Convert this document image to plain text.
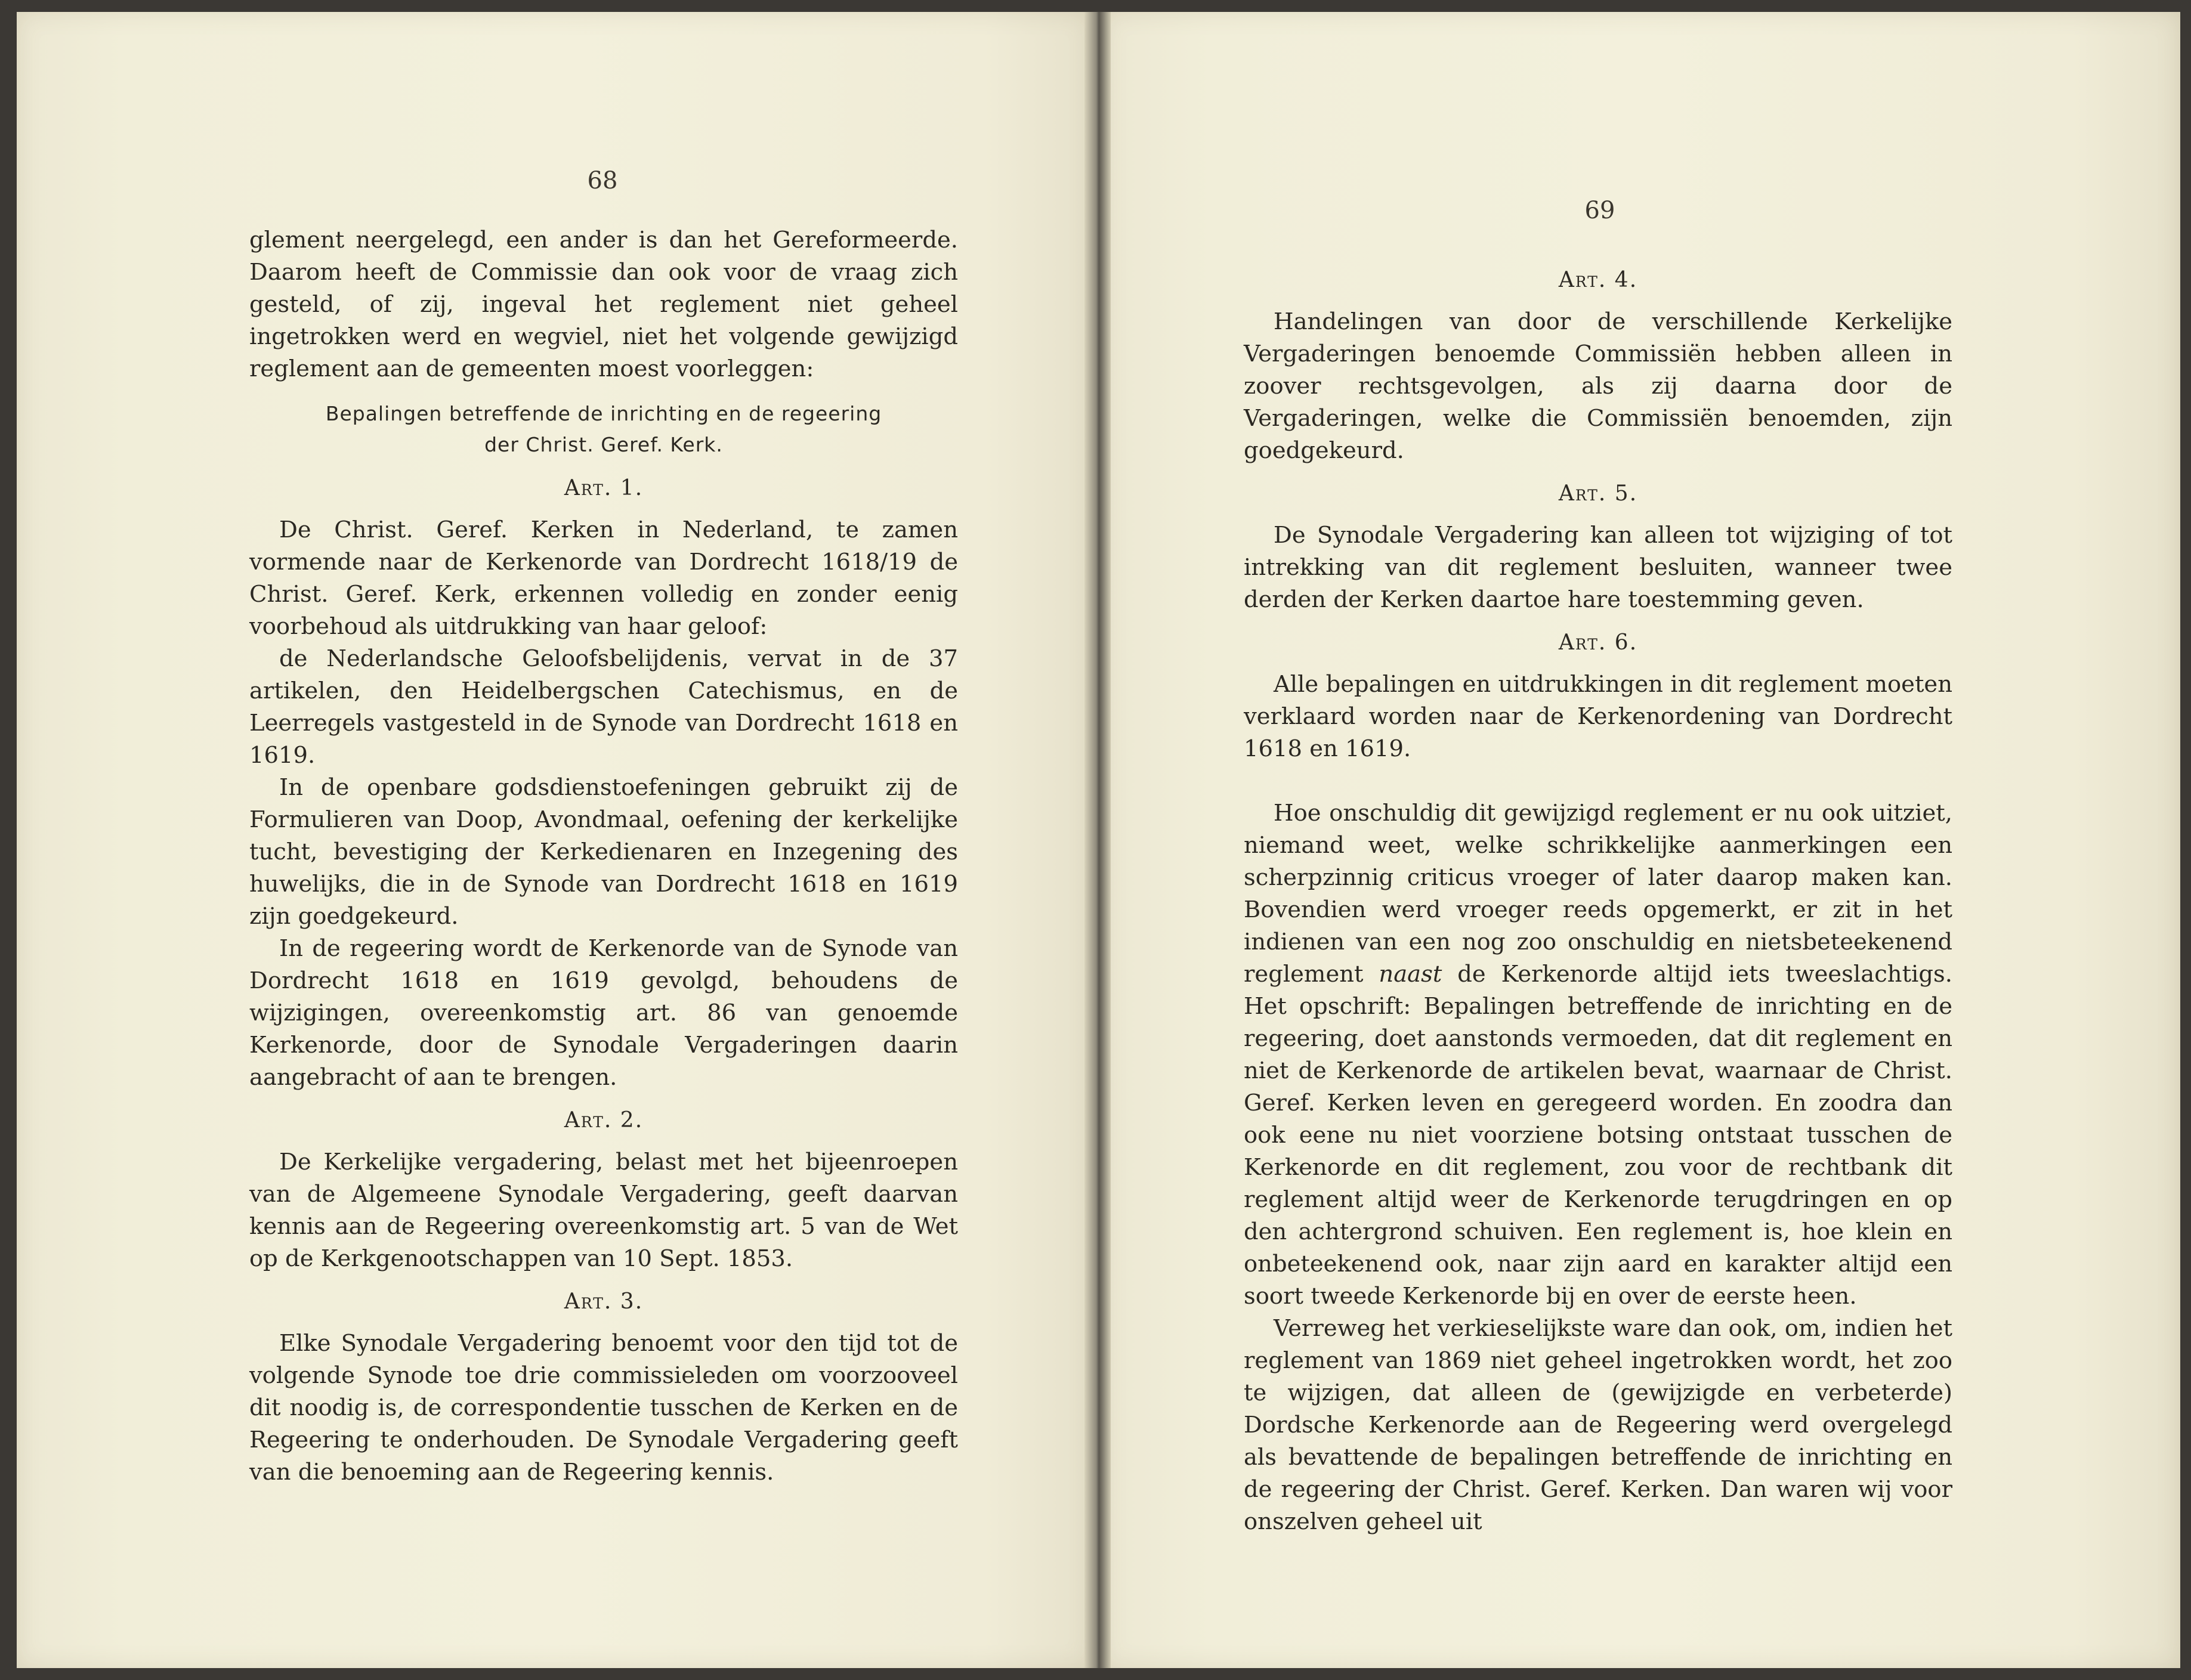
68

glement neergelegd, een ander is dan het Gereformeerde. Daarom heeft de Commissie dan ook voor de vraag zich gesteld, of zij, ingeval het reglement niet geheel ingetrokken werd en wegviel, niet het volgende gewijzigd reglement aan de gemeenten moest voorleggen:

Bepalingen betreffende de inrichting en de regeering
der Christ. Geref. Kerk.

Art. 1.

De Christ. Geref. Kerken in Nederland, te zamen vormende naar de Kerkenorde van Dordrecht 1618/19 de Christ. Geref. Kerk, erkennen volledig en zonder eenig voorbehoud als uitdrukking van haar geloof:

de Nederlandsche Geloofsbelijdenis, vervat in de 37 artikelen, den Heidelbergschen Catechismus, en de Leerregels vastgesteld in de Synode van Dordrecht 1618 en 1619.

In de openbare godsdienstoefeningen gebruikt zij de Formulieren van Doop, Avondmaal, oefening der kerkelijke tucht, bevestiging der Kerkedienaren en Inzegening des huwelijks, die in de Synode van Dordrecht 1618 en 1619 zijn goedgekeurd.

In de regeering wordt de Kerkenorde van de Synode van Dordrecht 1618 en 1619 gevolgd, behoudens de wijzigingen, overeenkomstig art. 86 van genoemde Kerkenorde, door de Synodale Vergaderingen daarin aangebracht of aan te brengen.

Art. 2.

De Kerkelijke vergadering, belast met het bijeenroepen van de Algemeene Synodale Vergadering, geeft daarvan kennis aan de Regeering overeenkomstig art. 5 van de Wet op de Kerkgenootschappen van 10 Sept. 1853.

Art. 3.

Elke Synodale Vergadering benoemt voor den tijd tot de volgende Synode toe drie commissieleden om voorzooveel dit noodig is, de correspondentie tusschen de Kerken en de Regeering te onderhouden. De Synodale Vergadering geeft van die benoeming aan de Regeering kennis.

69

Art. 4.

Handelingen van door de verschillende Kerkelijke Vergaderingen benoemde Commissiën hebben alleen in zoover rechtsgevolgen, als zij daarna door de Vergaderingen, welke die Commissiën benoemden, zijn goedgekeurd.

Art. 5.

De Synodale Vergadering kan alleen tot wijziging of tot intrekking van dit reglement besluiten, wanneer twee derden der Kerken daartoe hare toestemming geven.

Art. 6.

Alle bepalingen en uitdrukkingen in dit reglement moeten verklaard worden naar de Kerkenordening van Dordrecht 1618 en 1619.

Hoe onschuldig dit gewijzigd reglement er nu ook uitziet, niemand weet, welke schrikkelijke aanmerkingen een scherpzinnig criticus vroeger of later daarop maken kan. Bovendien werd vroeger reeds opgemerkt, er zit in het indienen van een nog zoo onschuldig en nietsbeteekenend reglement naast de Kerkenorde altijd iets tweeslachtigs. Het opschrift: Bepalingen betreffende de inrichting en de regeering, doet aanstonds vermoeden, dat dit reglement en niet de Kerkenorde de artikelen bevat, waarnaar de Christ. Geref. Kerken leven en geregeerd worden. En zoodra dan ook eene nu niet voorziene botsing ontstaat tusschen de Kerkenorde en dit reglement, zou voor de rechtbank dit reglement altijd weer de Kerkenorde terugdringen en op den achtergrond schuiven. Een reglement is, hoe klein en onbeteekenend ook, naar zijn aard en karakter altijd een soort tweede Kerkenorde bij en over de eerste heen.

Verreweg het verkieselijkste ware dan ook, om, indien het reglement van 1869 niet geheel ingetrokken wordt, het zoo te wijzigen, dat alleen de (gewijzigde en verbeterde) Dordsche Kerkenorde aan de Regeering werd overgelegd als bevattende de bepalingen betreffende de inrichting en de regeering der Christ. Geref. Kerken. Dan waren wij voor onszelven geheel uit
